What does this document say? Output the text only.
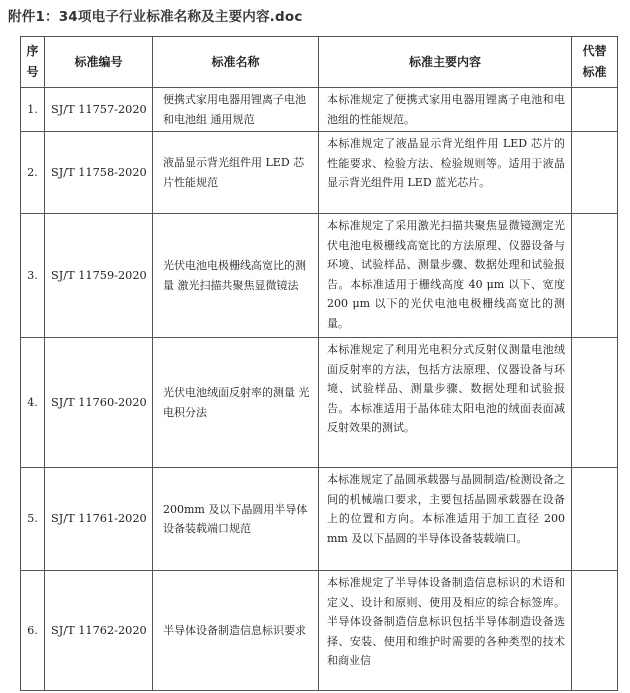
附件1：34项电子行业标准名称及主要内容.doc
序号	标准编号	标准名称	标准主要内容	代替标准
1.	SJ/T 11757-2020	便携式家用电器用锂离子电池和电池组 通用规范	本标准规定了便携式家用电器用锂离子电池和电池组的性能规范。	
2.	SJ/T 11758-2020	液晶显示背光组件用 LED 芯片性能规范	本标准规定了液晶显示背光组件用 LED 芯片的性能要求、检验方法、检验规则等。适用于液晶显示背光组件用 LED 蓝光芯片。	
3.	SJ/T 11759-2020	光伏电池电极栅线高宽比的测量 激光扫描共聚焦显微镜法	本标准规定了采用激光扫描共聚焦显微镜测定光伏电池电极栅线高宽比的方法原理、仪器设备与环境、试验样品、测量步骤、数据处理和试验报告。本标准适用于栅线高度 40 μm 以下、宽度 200 μm 以下的光伏电池电极栅线高宽比的测量。	
4.	SJ/T 11760-2020	光伏电池绒面反射率的测量 光电积分法	本标准规定了利用光电积分式反射仪测量电池绒面反射率的方法，包括方法原理、仪器设备与环境、试验样品、测量步骤、数据处理和试验报告。本标准适用于晶体硅太阳电池的绒面表面减反射效果的测试。	
5.	SJ/T 11761-2020	200mm 及以下晶圆用半导体设备装载端口规范	本标准规定了晶圆承载器与晶圆制造/检测设备之间的机械端口要求，主要包括晶圆承载器在设备上的位置和方向。本标准适用于加工直径 200 mm 及以下晶圆的半导体设备装载端口。	
6.	SJ/T 11762-2020	半导体设备制造信息标识要求	本标准规定了半导体设备制造信息标识的术语和定义、设计和原则、使用及相应的综合标签库。半导体设备制造信息标识包括半导体制造设备选择、安装、使用和维护时需要的各种类型的技术和商业信	
